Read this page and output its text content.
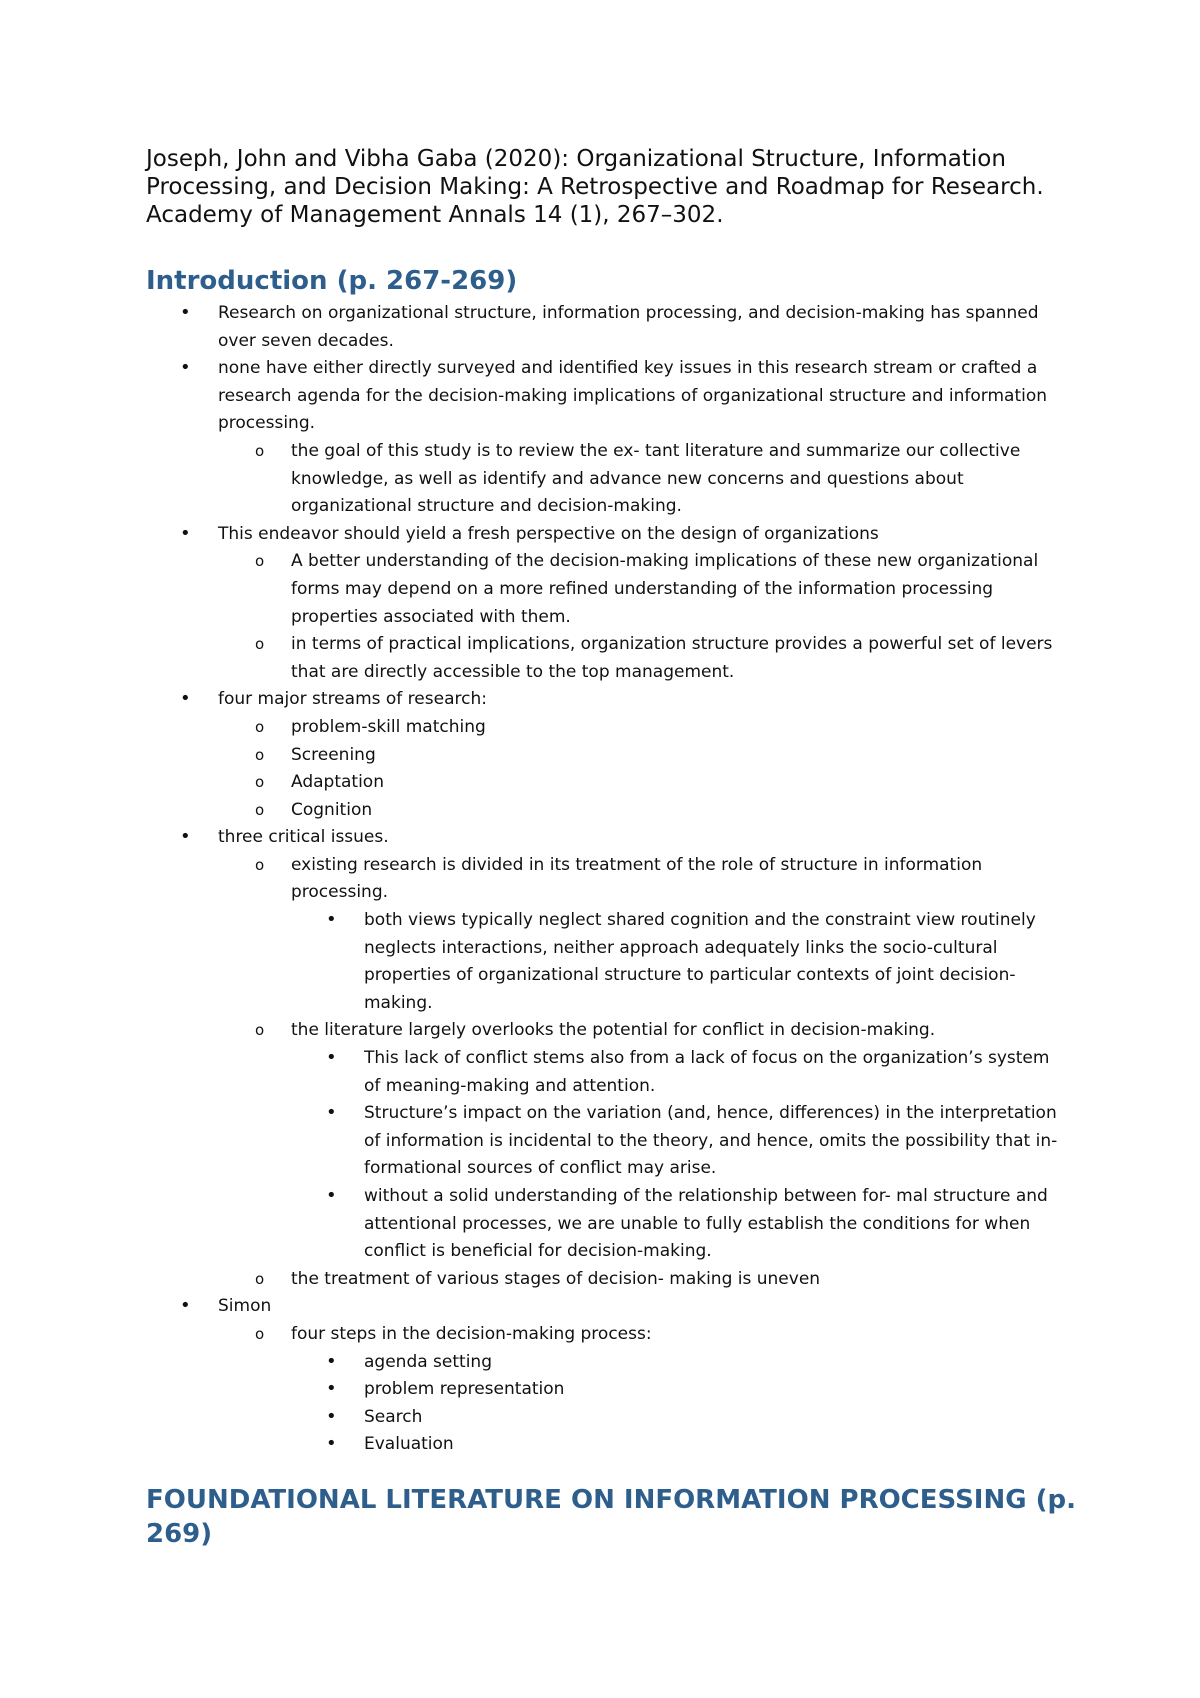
Joseph, John and Vibha Gaba (2020): Organizational Structure, Information Processing, and Decision Making: A Retrospective and Roadmap for Research. Academy of Management Annals 14 (1), 267–302.

Introduction (p. 267-269)
• Research on organizational structure, information processing, and decision-making has spanned over seven decades.
• none have either directly surveyed and identified key issues in this research stream or crafted a research agenda for the decision-making implications of organizational structure and information processing.
o the goal of this study is to review the ex- tant literature and summarize our collective knowledge, as well as identify and advance new concerns and questions about organizational structure and decision-making.
• This endeavor should yield a fresh perspective on the design of organizations
o A better understanding of the decision-making implications of these new organizational forms may depend on a more refined understanding of the information processing properties associated with them.
o in terms of practical implications, organization structure provides a powerful set of levers that are directly accessible to the top management.
• four major streams of research:
o problem-skill matching
o Screening
o Adaptation
o Cognition
• three critical issues.
o existing research is divided in its treatment of the role of structure in information processing.
• both views typically neglect shared cognition and the constraint view routinely neglects interactions, neither approach adequately links the socio-cultural properties of organizational structure to particular contexts of joint decision-making.
o the literature largely overlooks the potential for conflict in decision-making.
• This lack of conflict stems also from a lack of focus on the organization’s system of meaning-making and attention.
• Structure’s impact on the variation (and, hence, differences) in the interpretation of information is incidental to the theory, and hence, omits the possibility that in- formational sources of conflict may arise.
• without a solid understanding of the relationship between for- mal structure and attentional processes, we are unable to fully establish the conditions for when conflict is beneficial for decision-making.
o the treatment of various stages of decision- making is uneven
• Simon
o four steps in the decision-making process:
• agenda setting
• problem representation
• Search
• Evaluation
FOUNDATIONAL LITERATURE ON INFORMATION PROCESSING (p. 269)
